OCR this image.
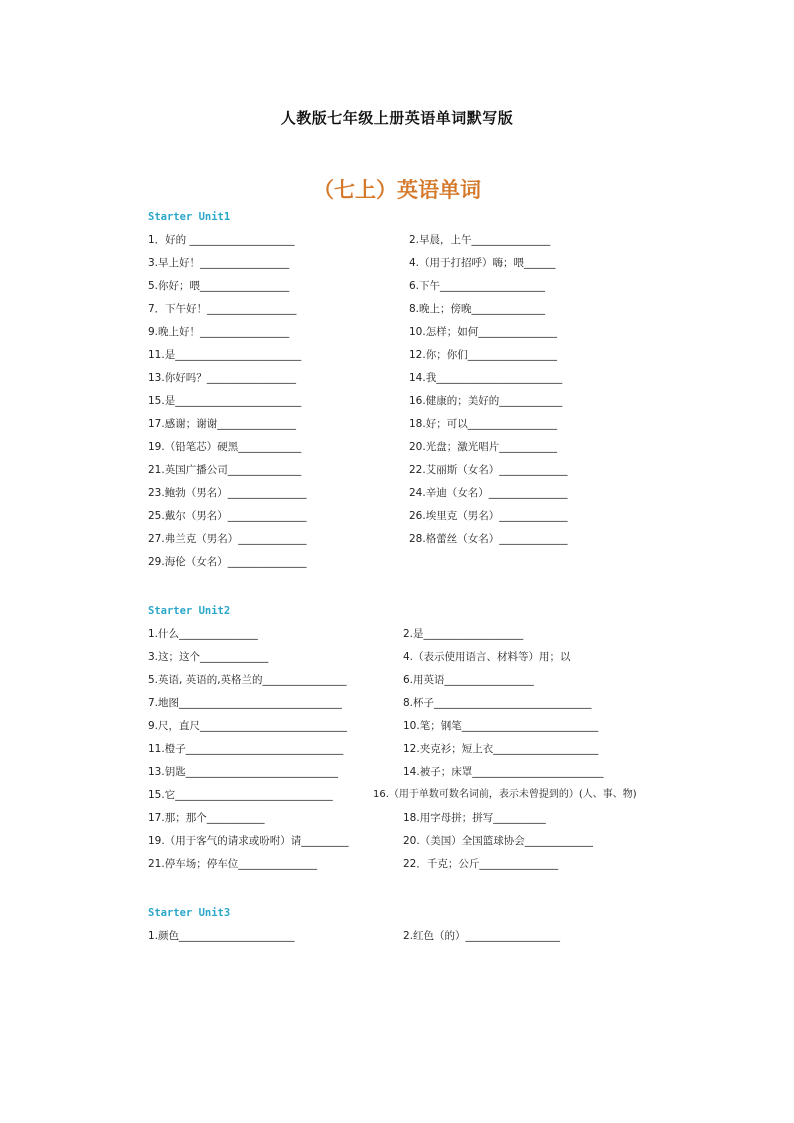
人教版七年级上册英语单词默写版
（七上）英语单词
Starter Unit1
1．好的 ____________________	2.早晨，上午_______________
3.早上好！_________________	4.（用于打招呼）嗨；喂______
5.你好；喂_________________	6.下午____________________
7．下午好！_________________	8.晚上；傍晚______________
9.晚上好！_________________	10.怎样；如何_______________
11.是________________________	12.你；你们_________________
13.你好吗？_________________	14.我________________________
15.是________________________	16.健康的；美好的____________
17.感谢；谢谢_______________	18.好；可以_________________
19.（铅笔芯）硬黑____________	20.光盘；激光唱片___________
21.英国广播公司______________	22.艾丽斯（女名）_____________
23.鲍勃（男名）_______________	24.辛迪（女名）_______________
25.戴尔（男名）_______________	26.埃里克（男名）_____________
27.弗兰克（男名）_____________	28.格蕾丝（女名）_____________
29.海伦（女名）_______________
Starter Unit2
1.什么_______________	2.是___________________
3.这；这个_____________	4.（表示使用语言、材料等）用；以
5.英语, 英语的,英格兰的________________	6.用英语_________________
7.地图_______________________________	8.杯子______________________________
9.尺，直尺____________________________	10.笔；钢笔__________________________
11.橙子______________________________	12.夹克衫；短上衣____________________
13.钥匙_____________________________	14.被子；床罩_________________________
15.它______________________________	16.（用于单数可数名词前，表示未曾提到的）(人、事、物)
17.那；那个___________	18.用字母拼；拼写__________
19.（用于客气的请求或吩咐）请_________	20.（美国）全国篮球协会_____________
21.停车场；停车位_______________	22．千克；公斤_______________
Starter Unit3
1.颜色______________________	2.红色（的）__________________
